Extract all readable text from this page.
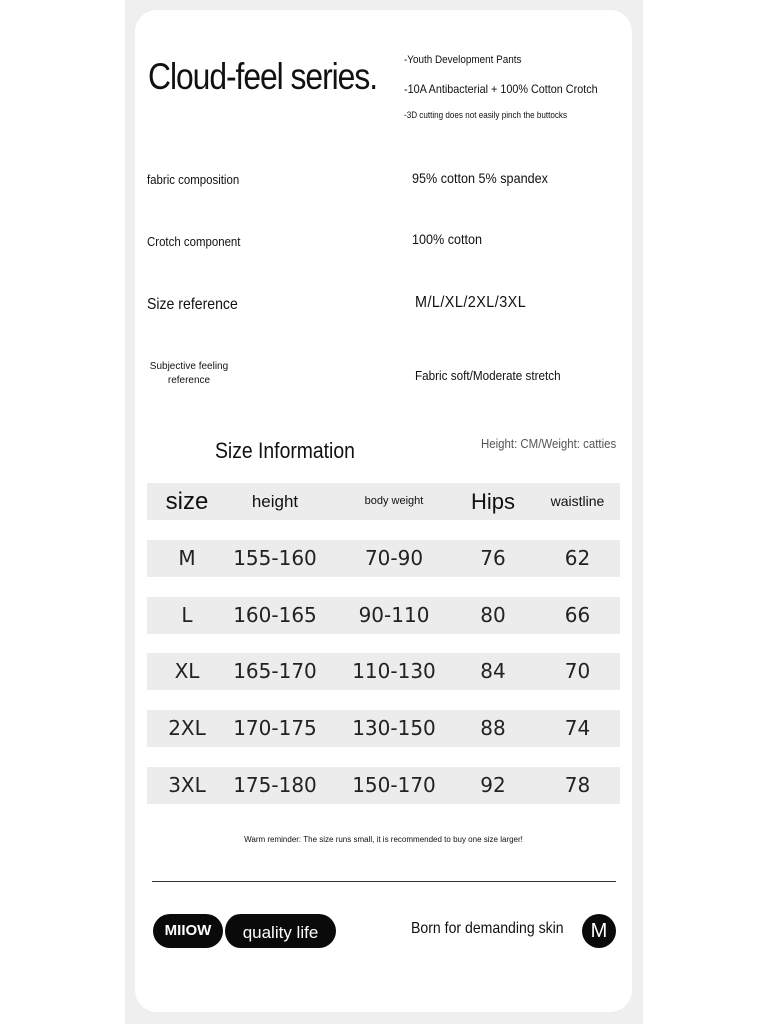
Cloud-feel series. -Youth Development Pants
-10A Antibacterial + 100% Cotton Crotch
-3D cutting does not easily pinch the buttocks
fabric composition	95% cotton 5% spandex
Crotch component	100% cotton
Size reference	M/L/XL/2XL/3XL
Subjective feeling reference	Fabric soft/Moderate stretch
Size Information	Height: CM/Weight: catties
size	height	body weight	Hips	waistline
M	155-160	70-90	76	62
L	160-165	90-110	80	66
XL	165-170	110-130	84	70
2XL	170-175	130-150	88	74
3XL	175-180	150-170	92	78
Warm reminder: The size runs small, it is recommended to buy one size larger!
MIIOW	quality life	Born for demanding skin	M
